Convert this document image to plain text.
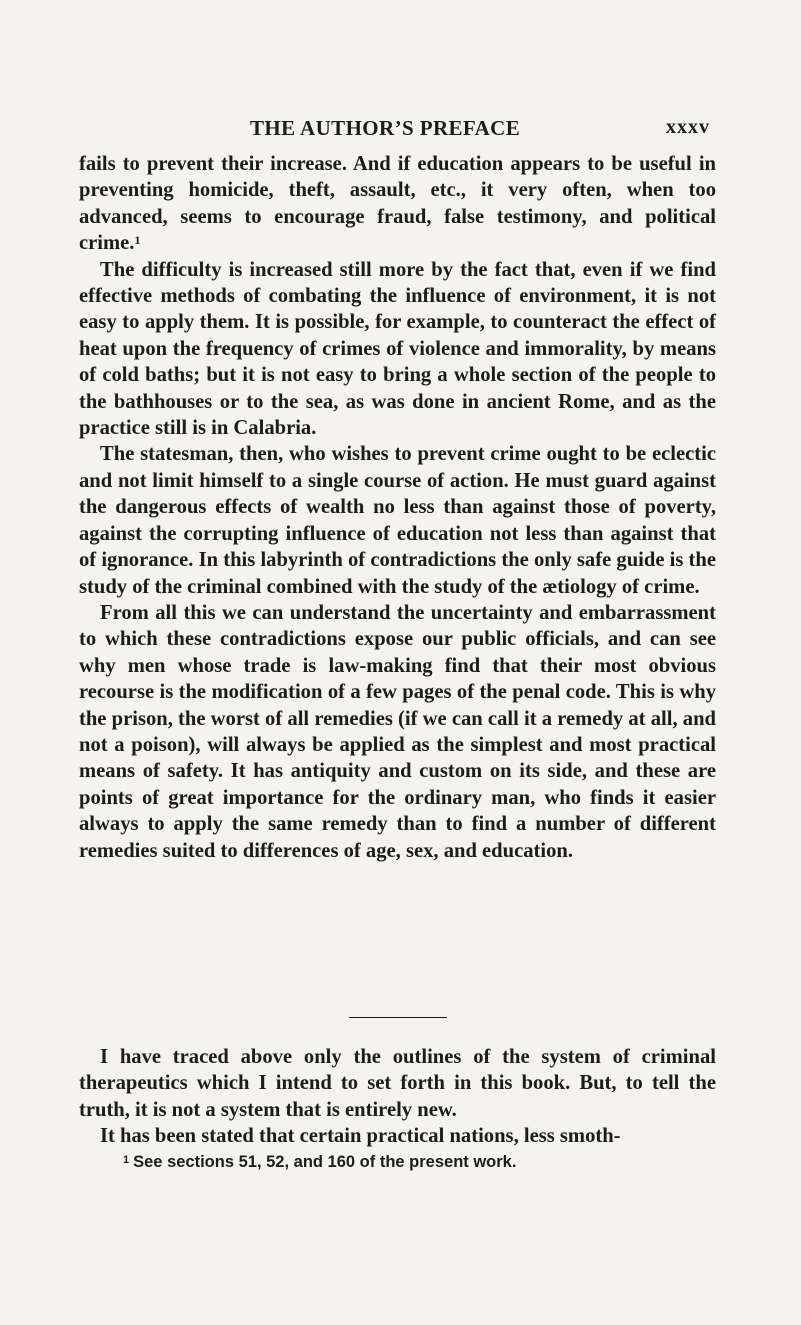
THE AUTHOR’S PREFACE	xxxv

fails to prevent their increase. And if education appears to be useful in preventing homicide, theft, assault, etc., it very often, when too advanced, seems to encourage fraud, false testimony, and political crime.$^1$

The difficulty is increased still more by the fact that, even if we find effective methods of combating the influence of environment, it is not easy to apply them. It is possible, for example, to counteract the effect of heat upon the frequency of crimes of violence and immorality, by means of cold baths; but it is not easy to bring a whole section of the people to the bathhouses or to the sea, as was done in ancient Rome, and as the practice still is in Calabria.

The statesman, then, who wishes to prevent crime ought to be eclectic and not limit himself to a single course of action. He must guard against the dangerous effects of wealth no less than against those of poverty, against the corrupting influence of education not less than against that of ignorance. In this labyrinth of contradictions the only safe guide is the study of the criminal combined with the study of the ætiology of crime.

From all this we can understand the uncertainty and embarrassment to which these contradictions expose our public officials, and can see why men whose trade is law-making find that their most obvious recourse is the modification of a few pages of the penal code. This is why the prison, the worst of all remedies (if we can call it a remedy at all, and not a poison), will always be applied as the simplest and most practical means of safety. It has antiquity and custom on its side, and these are points of great importance for the ordinary man, who finds it easier always to apply the same remedy than to find a number of different remedies suited to differences of age, sex, and education.

I have traced above only the outlines of the system of criminal therapeutics which I intend to set forth in this book. But, to tell the truth, it is not a system that is entirely new.

It has been stated that certain practical nations, less smoth-

$^1$ See sections 51, 52, and 160 of the present work.
